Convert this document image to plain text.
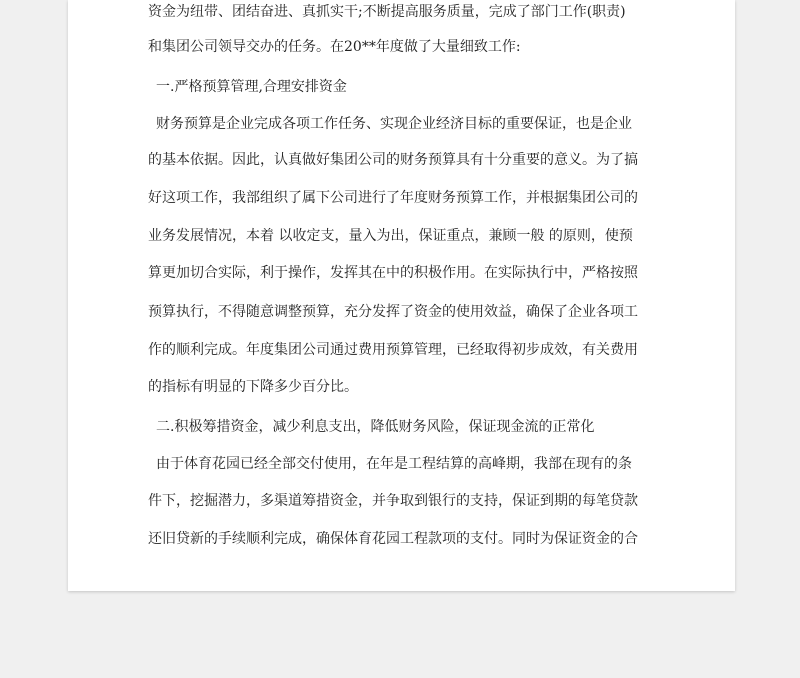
资金为纽带、团结奋进、真抓实干;不断提高服务质量，完成了部门工作(职责)
和集团公司领导交办的任务。在20**年度做了大量细致工作:
一.严格预算管理,合理安排资金
财务预算是企业完成各项工作任务、实现企业经济目标的重要保证，也是企业
的基本依据。因此，认真做好集团公司的财务预算具有十分重要的意义。为了搞
好这项工作，我部组织了属下公司进行了年度财务预算工作，并根据集团公司的
业务发展情况，本着 以收定支，量入为出，保证重点，兼顾一般 的原则，使预
算更加切合实际，利于操作，发挥其在中的积极作用。在实际执行中，严格按照
预算执行，不得随意调整预算，充分发挥了资金的使用效益，确保了企业各项工
作的顺利完成。年度集团公司通过费用预算管理，已经取得初步成效，有关费用
的指标有明显的下降多少百分比。
二.积极筹措资金，减少利息支出，降低财务风险，保证现金流的正常化
由于体育花园已经全部交付使用，在年是工程结算的高峰期，我部在现有的条
件下，挖掘潜力，多渠道筹措资金，并争取到银行的支持，保证到期的每笔贷款
还旧贷新的手续顺利完成，确保体育花园工程款项的支付。同时为保证资金的合
